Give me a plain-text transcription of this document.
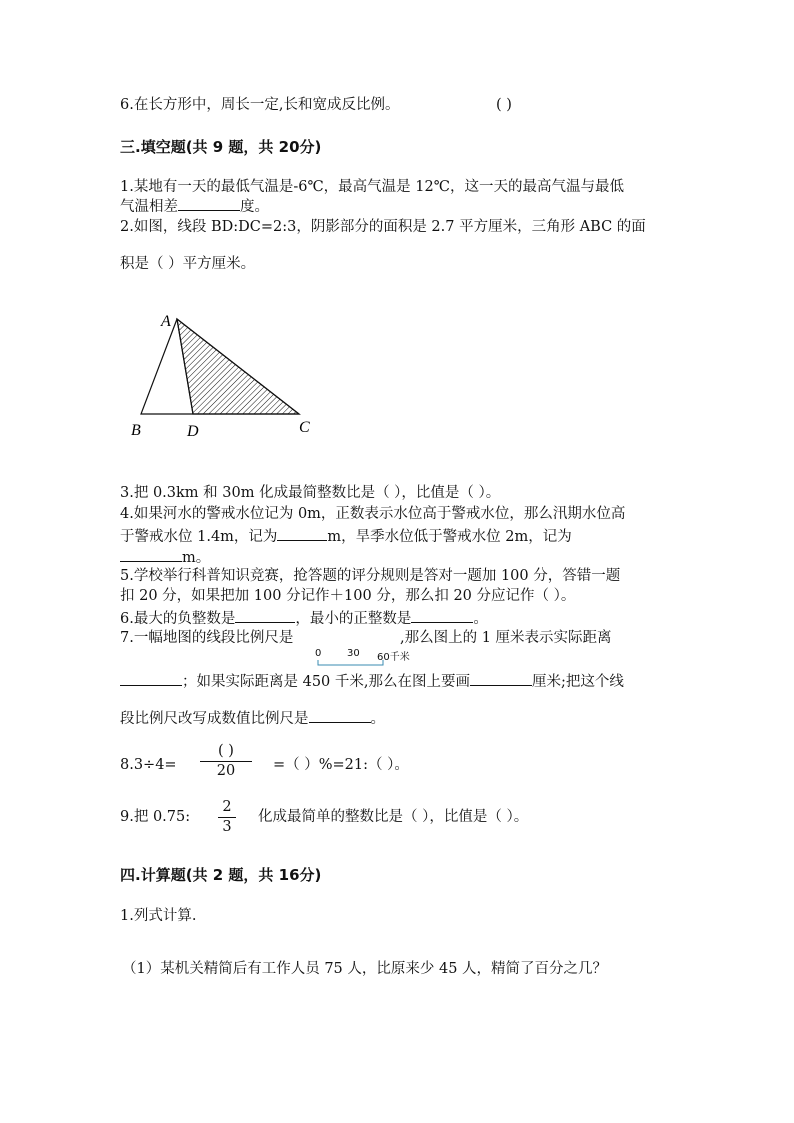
6.在长方形中，周长一定,长和宽成反比例。	( )
三.填空题(共 9 题，共 20分)
1.某地有一天的最低气温是-6℃，最高气温是 12℃，这一天的最高气温与最低
气温相差	度。
2.如图，线段 BD:DC=2:3，阴影部分的面积是 2.7 平方厘米，三角形 ABC 的面
积是（ ）平方厘米。
A
B	D	C
3.把 0.3km 和 30m 化成最简整数比是（ ），比值是（ ）。
4.如果河水的警戒水位记为 0m，正数表示水位高于警戒水位，那么汛期水位高
于警戒水位 1.4m，记为	m，旱季水位低于警戒水位 2m，记为
m。
5.学校举行科普知识竞赛，抢答题的评分规则是答对一题加 100 分，答错一题
扣 20 分，如果把加 100 分记作＋100 分，那么扣 20 分应记作（ ）。
6.最大的负整数是	，最小的正整数是	。
7.一幅地图的线段比例尺是	,那么图上的 1 厘米表示实际距离
0	30 60千米
；如果实际距离是 450 千米,那么在图上要画	厘米;把这个线
段比例尺改写成数值比例尺是	。
8.3÷4=
( )
20	=（ ）%=21:（ ）。
9.把 0.75:
2
3
化成最简单的整数比是（ ），比值是（ ）。
四.计算题(共 2 题，共 16分)
1.列式计算.
（1）某机关精简后有工作人员 75 人，比原来少 45 人，精简了百分之几？
